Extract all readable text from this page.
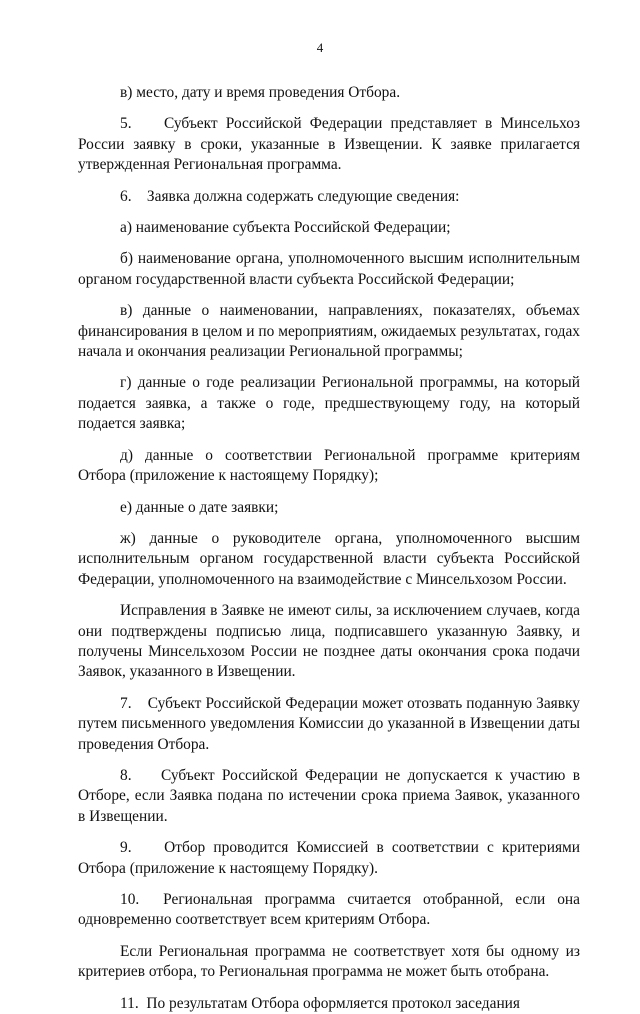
4

в) место, дату и время проведения Отбора.

5.    Субъект Российской Федерации представляет в Минсельхоз России заявку в сроки, указанные в Извещении. К заявке прилагается утвержденная Региональная программа.

6.    Заявка должна содержать следующие сведения:

а) наименование субъекта Российской Федерации;

б) наименование органа, уполномоченного высшим исполнительным органом государственной власти субъекта Российской Федерации;

в) данные о наименовании, направлениях, показателях, объемах финансирования в целом и по мероприятиям, ожидаемых результатах, годах начала и окончания реализации Региональной программы;

г) данные о годе реализации Региональной программы, на который подается заявка, а также о годе, предшествующему году, на который подается заявка;

д) данные о соответствии Региональной программе критериям Отбора (приложение к настоящему Порядку);

е) данные о дате заявки;

ж) данные о руководителе органа, уполномоченного высшим исполнительным органом государственной власти субъекта Российской Федерации, уполномоченного на взаимодействие с Минсельхозом России.

Исправления в Заявке не имеют силы, за исключением случаев, когда они подтверждены подписью лица, подписавшего указанную Заявку, и получены Минсельхозом России не позднее даты окончания срока подачи Заявок, указанного в Извещении.

7.    Субъект Российской Федерации может отозвать поданную Заявку путем письменного уведомления Комиссии до указанной в Извещении даты проведения Отбора.

8.    Субъект Российской Федерации не допускается к участию в Отборе, если Заявка подана по истечении срока приема Заявок, указанного в Извещении.

9.    Отбор проводится Комиссией в соответствии с критериями Отбора (приложение к настоящему Порядку).

10.  Региональная программа считается отобранной, если она одновременно соответствует всем критериям Отбора.

Если Региональная программа не соответствует хотя бы одному из критериев отбора, то Региональная программа не может быть отобрана.

11.  По результатам Отбора оформляется протокол заседания
